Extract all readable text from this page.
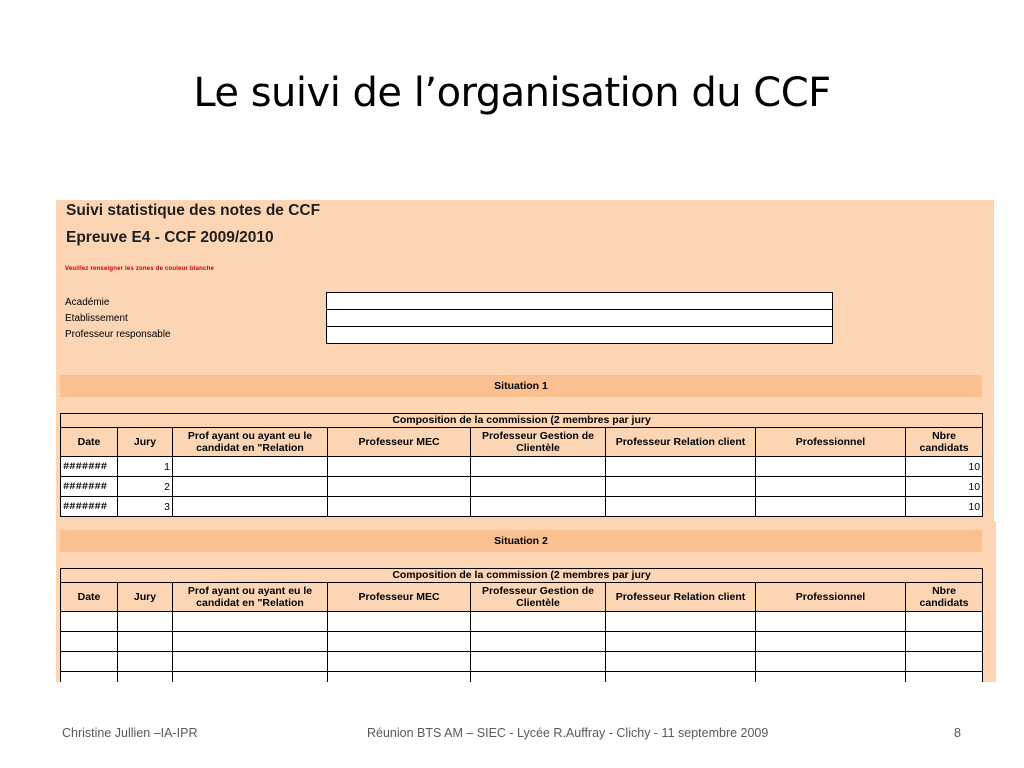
Le suivi de l’organisation du CCF
Suivi statistique des notes de CCF
Epreuve E4 - CCF 2009/2010
Veuillez renseigner les zones de couleur blanche
Académie
Etablissement
Professeur responsable
Situation 1
Composition de la commission (2 membres par jury							
Date	Jury	Prof ayant ou ayant eu le candidat en "Relation	Professeur MEC	Professeur Gestion de Clientèle	Professeur Relation client	Professionnel	Nbre candidats
#######	1						10
#######	2						10
#######	3						10
Situation 2
Composition de la commission (2 membres par jury							
Date	Jury	Prof ayant ou ayant eu le candidat en "Relation	Professeur MEC	Professeur Gestion de Clientèle	Professeur Relation client	Professionnel	Nbre candidats

Christine Jullien –IA-IPR	Réunion BTS AM – SIEC - Lycée R.Auffray - Clichy - 11 septembre 2009	8
